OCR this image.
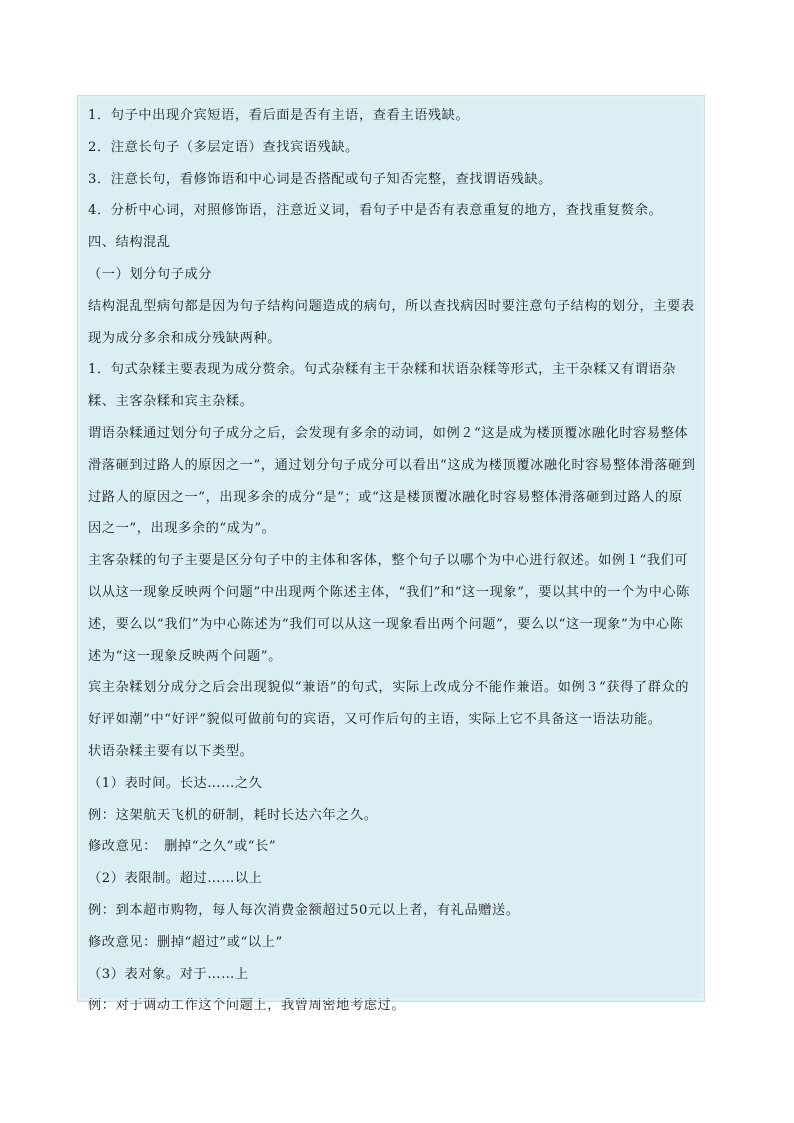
1．句子中出现介宾短语，看后面是否有主语，查看主语残缺。

2．注意长句子（多层定语）查找宾语残缺。

3．注意长句，看修饰语和中心词是否搭配或句子知否完整，查找谓语残缺。

4．分析中心词，对照修饰语，注意近义词，看句子中是否有表意重复的地方，查找重复赘余。

四、结构混乱

（一）划分句子成分

结构混乱型病句都是因为句子结构问题造成的病句，所以查找病因时要注意句子结构的划分，主要表现为成分多余和成分残缺两种。

1．句式杂糅主要表现为成分赘余。句式杂糅有主干杂糅和状语杂糅等形式，主干杂糅又有谓语杂糅、主客杂糅和宾主杂糅。

谓语杂糅通过划分句子成分之后，会发现有多余的动词，如例２“这是成为楼顶覆冰融化时容易整体滑落砸到过路人的原因之一”，通过划分句子成分可以看出“这成为楼顶覆冰融化时容易整体滑落砸到过路人的原因之一”，出现多余的成分“是”；或“这是楼顶覆冰融化时容易整体滑落砸到过路人的原因之一”，出现多余的“成为”。

主客杂糅的句子主要是区分句子中的主体和客体，整个句子以哪个为中心进行叙述。如例１“我们可以从这一现象反映两个问题”中出现两个陈述主体，“我们”和“这一现象”，要以其中的一个为中心陈述，要么以“我们”为中心陈述为“我们可以从这一现象看出两个问题”，要么以“这一现象”为中心陈述为“这一现象反映两个问题”。

宾主杂糅划分成分之后会出现貌似“兼语”的句式，实际上改成分不能作兼语。如例３“获得了群众的好评如潮”中“好评”貌似可做前句的宾语，又可作后句的主语，实际上它不具备这一语法功能。

状语杂糅主要有以下类型。

（1）表时间。长达……之久

例：这架航天飞机的研制，耗时长达六年之久。

修改意见：　删掉“之久”或“长”

（2）表限制。超过……以上

例：到本超市购物，每人每次消费金额超过50元以上者，有礼品赠送。

修改意见：删掉“超过”或“以上”

（3）表对象。对于……上

例：对于调动工作这个问题上，我曾周密地考虑过。
